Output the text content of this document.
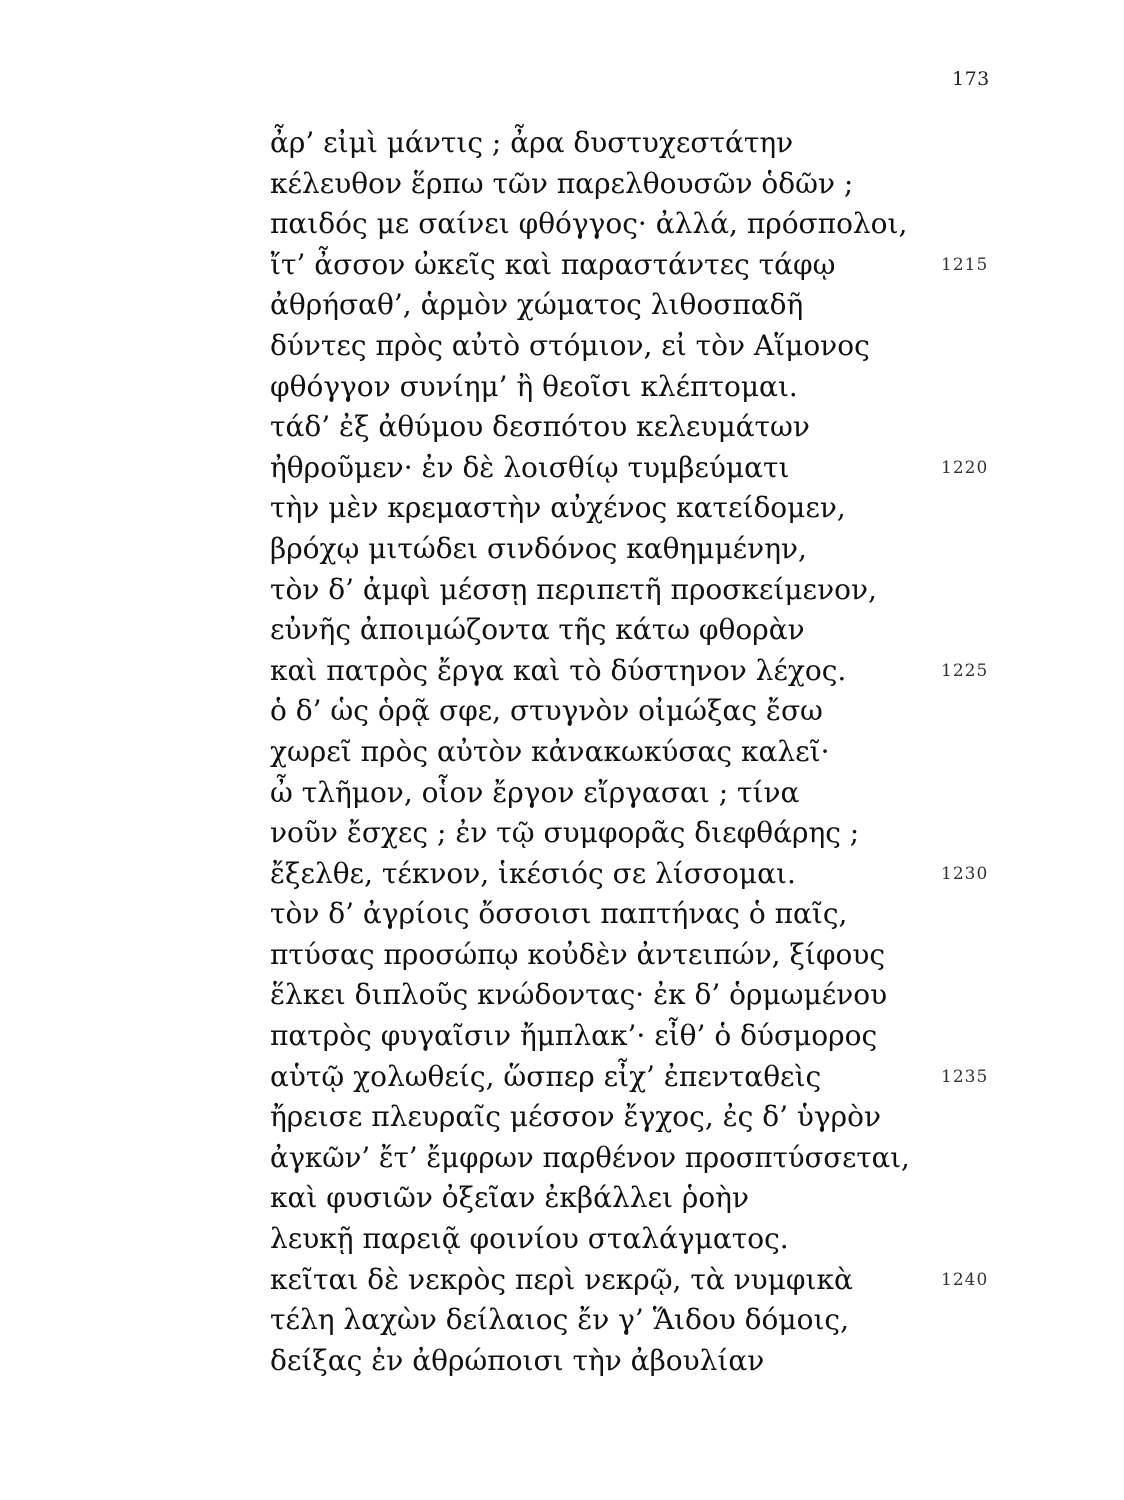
173
ἆρ’ εἰμὶ μάντις ; ἆρα δυστυχεστάτην
κέλευθον ἕρπω τῶν παρελθουσῶν ὁδῶν ;
παιδός με σαίνει φθόγγος· ἀλλά, πρόσπολοι,
ἴτ’ ἆσσον ὠκεῖς καὶ παραστάντες τάφῳ	1215
ἀθρήσαθ’, ἁρμὸν χώματος λιθοσπαδῆ
δύντες πρὸς αὐτὸ στόμιον, εἰ τὸν Αἵμονος
φθόγγον συνίημ’ ἢ θεοῖσι κλέπτομαι.
τάδ’ ἐξ ἀθύμου δεσπότου κελευμάτων
ἠθροῦμεν· ἐν δὲ λοισθίῳ τυμβεύματι	1220
τὴν μὲν κρεμαστὴν αὐχένος κατείδομεν,
βρόχῳ μιτώδει σινδόνος καθημμένην,
τὸν δ’ ἀμφὶ μέσσῃ περιπετῆ προσκείμενον,
εὐνῆς ἀποιμώζοντα τῆς κάτω φθορὰν
καὶ πατρὸς ἔργα καὶ τὸ δύστηνον λέχος.	1225
ὁ δ’ ὡς ὁρᾷ σφε, στυγνὸν οἰμώξας ἔσω
χωρεῖ πρὸς αὐτὸν κἀνακωκύσας καλεῖ·
ὦ τλῆμον, οἷον ἔργον εἴργασαι ; τίνα
νοῦν ἔσχες ; ἐν τῷ συμφορᾶς διεφθάρης ;
ἔξελθε, τέκνον, ἱκέσιός σε λίσσομαι.	1230
τὸν δ’ ἀγρίοις ὄσσοισι παπτήνας ὁ παῖς,
πτύσας προσώπῳ κοὐδὲν ἀντειπών, ξίφους
ἕλκει διπλοῦς κνώδοντας· ἐκ δ’ ὁρμωμένου
πατρὸς φυγαῖσιν ἤμπλακ’· εἶθ’ ὁ δύσμορος
αὑτῷ χολωθείς, ὥσπερ εἶχ’ ἐπενταθεὶς	1235
ἤρεισε πλευραῖς μέσσον ἔγχος, ἐς δ’ ὑγρὸν
ἀγκῶν’ ἔτ’ ἔμφρων παρθένον προσπτύσσεται,
καὶ φυσιῶν ὀξεῖαν ἐκβάλλει ῥοὴν
λευκῇ παρειᾷ φοινίου σταλάγματος.
κεῖται δὲ νεκρὸς περὶ νεκρῷ, τὰ νυμφικὰ	1240
τέλη λαχὼν δείλαιος ἔν γ’ Ἅιδου δόμοις,
δείξας ἐν ἀθρώποισι τὴν ἀβουλίαν
